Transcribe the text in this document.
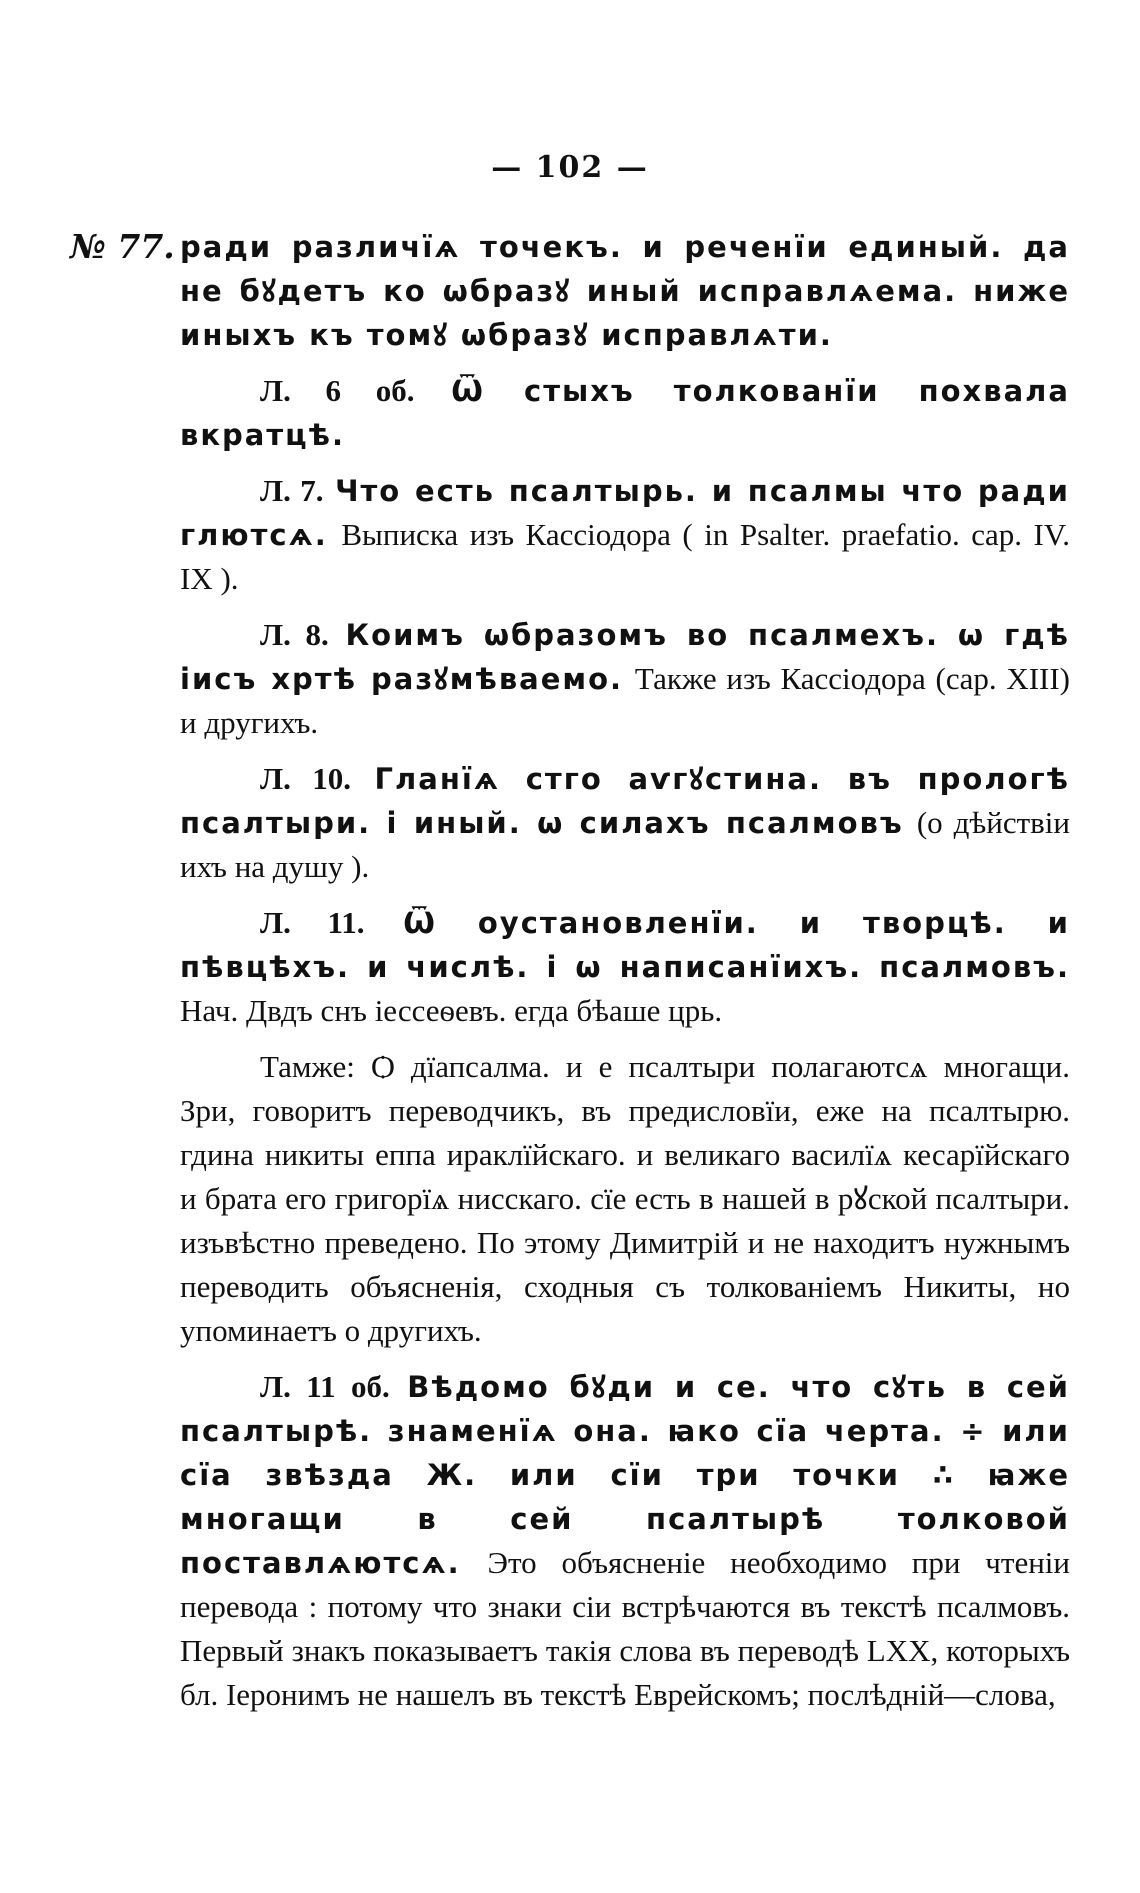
— 102 —
№ 77. ради различїѧ точекъ. и реченїи единый. да не бꙋдетъ ко ѡбразꙋ иный исправлѧема. ниже иныхъ къ томꙋ ѡбразꙋ исправлѧти.

Л. 6 об. Ѿ стыхъ толкованїи похвала вкратцѣ.

Л. 7. Что есть псалтырь. и псалмы что ради глютсѧ. Выписка изъ Кассіодора ( in Psalter. praefatio. cap. IV. IX ).

Л. 8. Коимъ ѡбразомъ во псалмехъ. ѡ гдѣ іисъ хртѣ разꙋмѣваемо. Также изъ Кассіодора (cap. XIII) и другихъ.

Л. 10. Гланїѧ стго аѵгꙋстина. въ прологѣ псалтыри. і иный. ѡ силахъ псалмовъ (о дѣйствіи ихъ на душу ).

Л. 11. Ѿ оустановленїи. и творцѣ. и пѣвцѣхъ. и числѣ. і ѡ написанїихъ. псалмовъ. Нач. Двдъ снъ іессеѳевъ. егда бѣаше црь.

Тамже: Ѻ дїапсалма. и е псалтыри полагаютсѧ многащи. Зри, говоритъ переводчикъ, въ предисловїи, еже на псалтырю. гдина никиты еппа ираклїйскаго. и великаго василїѧ кесарїйскаго и брата его григорїѧ нисскаго. сїе есть в нашей в рꙋской псалтыри. изъвѣстно преведено. По этому Димитрій и не находитъ нужнымъ переводить объясненія, сходныя съ толкованіемъ Никиты, но упоминаетъ о другихъ.

Л. 11 об. Вѣдомо бꙋди и се. что сꙋть в сей псалтырѣ. знаменїѧ она. ꙗко сїа черта. ÷ или сїа звѣзда Ж. или сїи три точки ∴ ꙗже многащи в сей псалтырѣ толковой поставлѧютсѧ. Это объясненіе необходимо при чтеніи перевода : потому что знаки сіи встрѣчаются въ текстѣ псалмовъ. Первый знакъ показываетъ такія слова въ переводѣ LXX, которыхъ бл. Іеронимъ не нашелъ въ текстѣ Еврейскомъ; послѣдній—слова,
